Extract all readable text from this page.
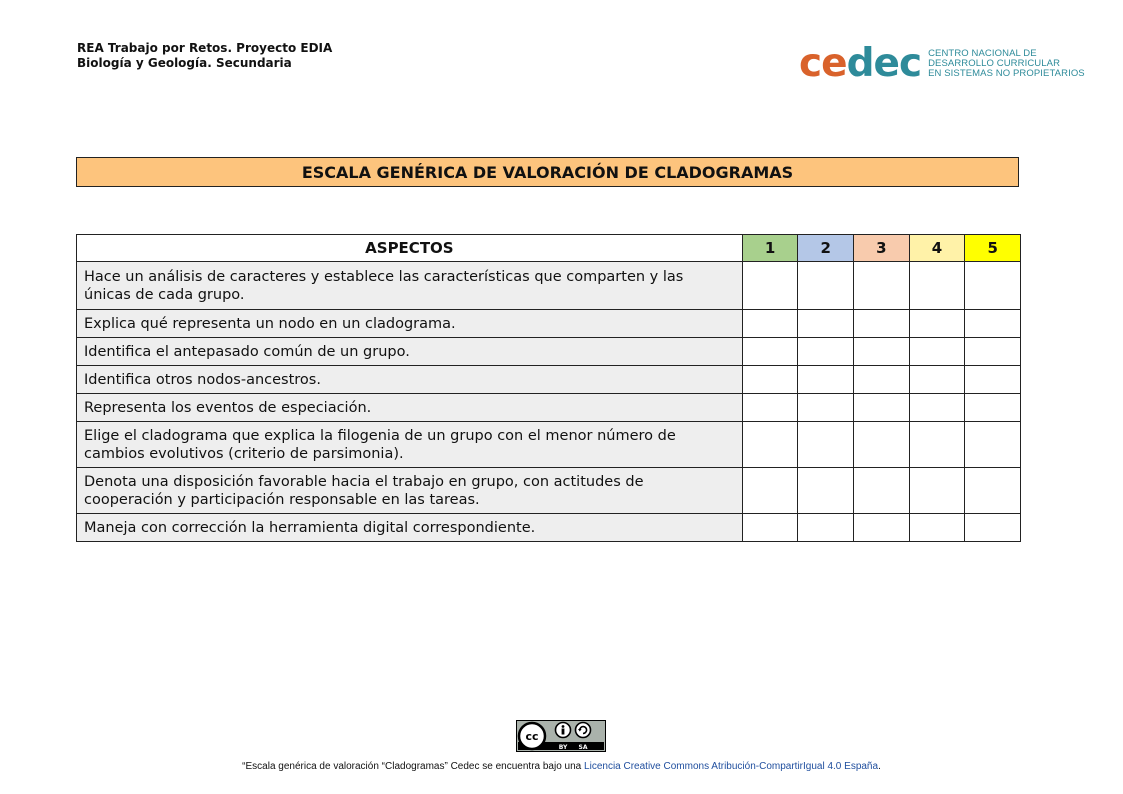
REA Trabajo por Retos. Proyecto EDIA
Biología y Geología. Secundaria	cedec CENTRO NACIONAL DE
DESARROLLO CURRICULAR
EN SISTEMAS NO PROPIETARIOS
ESCALA GENÉRICA DE VALORACIÓN DE CLADOGRAMAS
ASPECTOS	1	2	3	4	5
Hace un análisis de caracteres y establece las características que comparten y las únicas de cada grupo.					
Explica qué representa un nodo en un cladograma.					
Identifica el antepasado común de un grupo.					
Identifica otros nodos-ancestros.					
Representa los eventos de especiación.					
Elige el cladograma que explica la filogenia de un grupo con el menor número de cambios evolutivos (criterio de parsimonia).					
Denota una disposición favorable hacia el trabajo en grupo, con actitudes de cooperación y participación responsable en las tareas.					
Maneja con corrección la herramienta digital correspondiente.					
cc
BY SA
“Escala genérica de valoración “Cladogramas” Cedec se encuentra bajo una Licencia Creative Commons Atribución-CompartirIgual 4.0 España.
